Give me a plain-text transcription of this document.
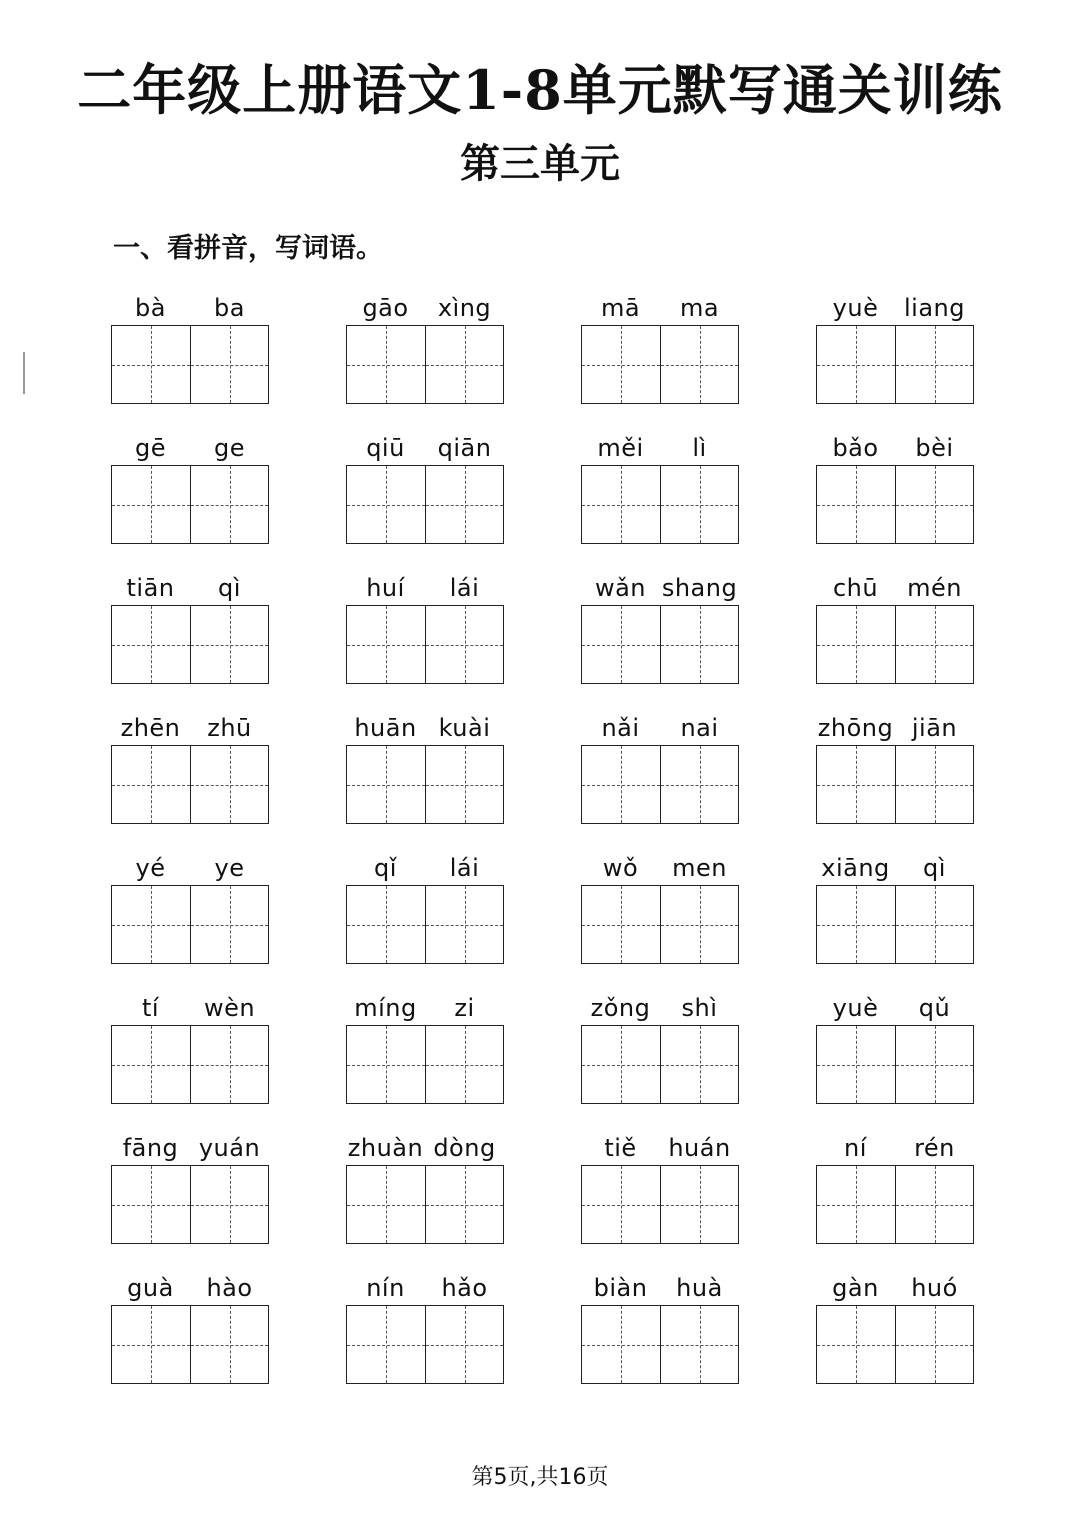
二年级上册语文1-8单元默写通关训练
第三单元
一、看拼音，写词语。
bà	ba	gāo	xìng	mā	ma	yuè	liang
gē	ge	qiū	qiān	měi	lì	bǎo	bèi
tiān	qì	huí	lái	wǎn shang	chū	mén
zhēn	zhū	huān kuài	nǎi	nai	zhōng jiān
yé	ye	qǐ	lái	wǒ	men	xiāng	qì
tí	wèn	míng	zi	zǒng	shì	yuè	qǔ
fāng yuán	zhuàn dòng	tiě	huán	ní	rén
guà	hào	nín	hǎo	biàn	huà	gàn	huó

第5页,共16页
